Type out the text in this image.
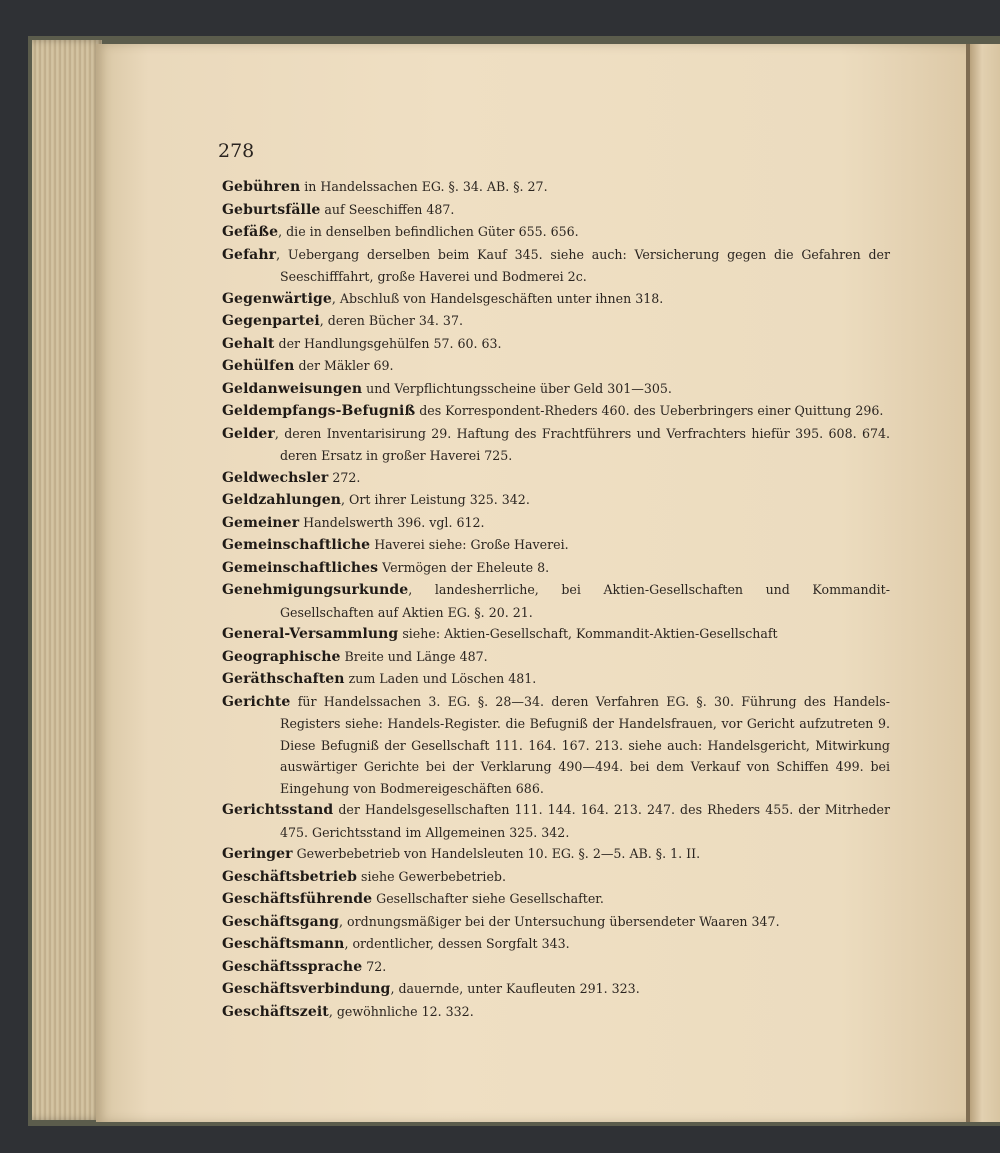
278

Gebühren in Handelssachen EG. §. 34. AB. §. 27.

Geburtsfälle auf Seeschiffen 487.

Gefäße, die in denselben befindlichen Güter 655. 656.

Gefahr, Uebergang derselben beim Kauf 345. siehe auch: Versicherung gegen die Gefahren der Seeschifffahrt, große Haverei und Bodmerei 2c.

Gegenwärtige, Abschluß von Handelsgeschäften unter ihnen 318.

Gegenpartei, deren Bücher 34. 37.

Gehalt der Handlungsgehülfen 57. 60. 63.

Gehülfen der Mäkler 69.

Geldanweisungen und Verpflichtungsscheine über Geld 301—305.

Geldempfangs-Befugniß des Korrespondent-Rheders 460. des Ueberbringers einer Quittung 296.

Gelder, deren Inventarisirung 29. Haftung des Frachtführers und Verfrachters hiefür 395. 608. 674. deren Ersatz in großer Haverei 725.

Geldwechsler 272.

Geldzahlungen, Ort ihrer Leistung 325. 342.

Gemeiner Handelswerth 396. vgl. 612.

Gemeinschaftliche Haverei siehe: Große Haverei.

Gemeinschaftliches Vermögen der Eheleute 8.

Genehmigungsurkunde, landesherrliche, bei Aktien-Gesellschaften und Kommandit-Gesellschaften auf Aktien EG. §. 20. 21.

General-Versammlung siehe: Aktien-Gesellschaft, Kommandit-Aktien-Gesellschaft

Geographische Breite und Länge 487.

Geräthschaften zum Laden und Löschen 481.

Gerichte für Handelssachen 3. EG. §. 28—34. deren Verfahren EG. §. 30. Führung des Handels-Registers siehe: Handels-Register. die Befugniß der Handelsfrauen, vor Gericht aufzutreten 9. Diese Befugniß der Gesellschaft 111. 164. 167. 213. siehe auch: Handelsgericht, Mitwirkung auswärtiger Gerichte bei der Verklarung 490—494. bei dem Verkauf von Schiffen 499. bei Eingehung von Bodmereigeschäften 686.

Gerichtsstand der Handelsgesellschaften 111. 144. 164. 213. 247. des Rheders 455. der Mitrheder 475. Gerichtsstand im Allgemeinen 325. 342.

Geringer Gewerbebetrieb von Handelsleuten 10. EG. §. 2—5. AB. §. 1. II.

Geschäftsbetrieb siehe Gewerbebetrieb.

Geschäftsführende Gesellschafter siehe Gesellschafter.

Geschäftsgang, ordnungsmäßiger bei der Untersuchung übersendeter Waaren 347.

Geschäftsmann, ordentlicher, dessen Sorgfalt 343.

Geschäftssprache 72.

Geschäftsverbindung, dauernde, unter Kaufleuten 291. 323.

Geschäftszeit, gewöhnliche 12. 332.
